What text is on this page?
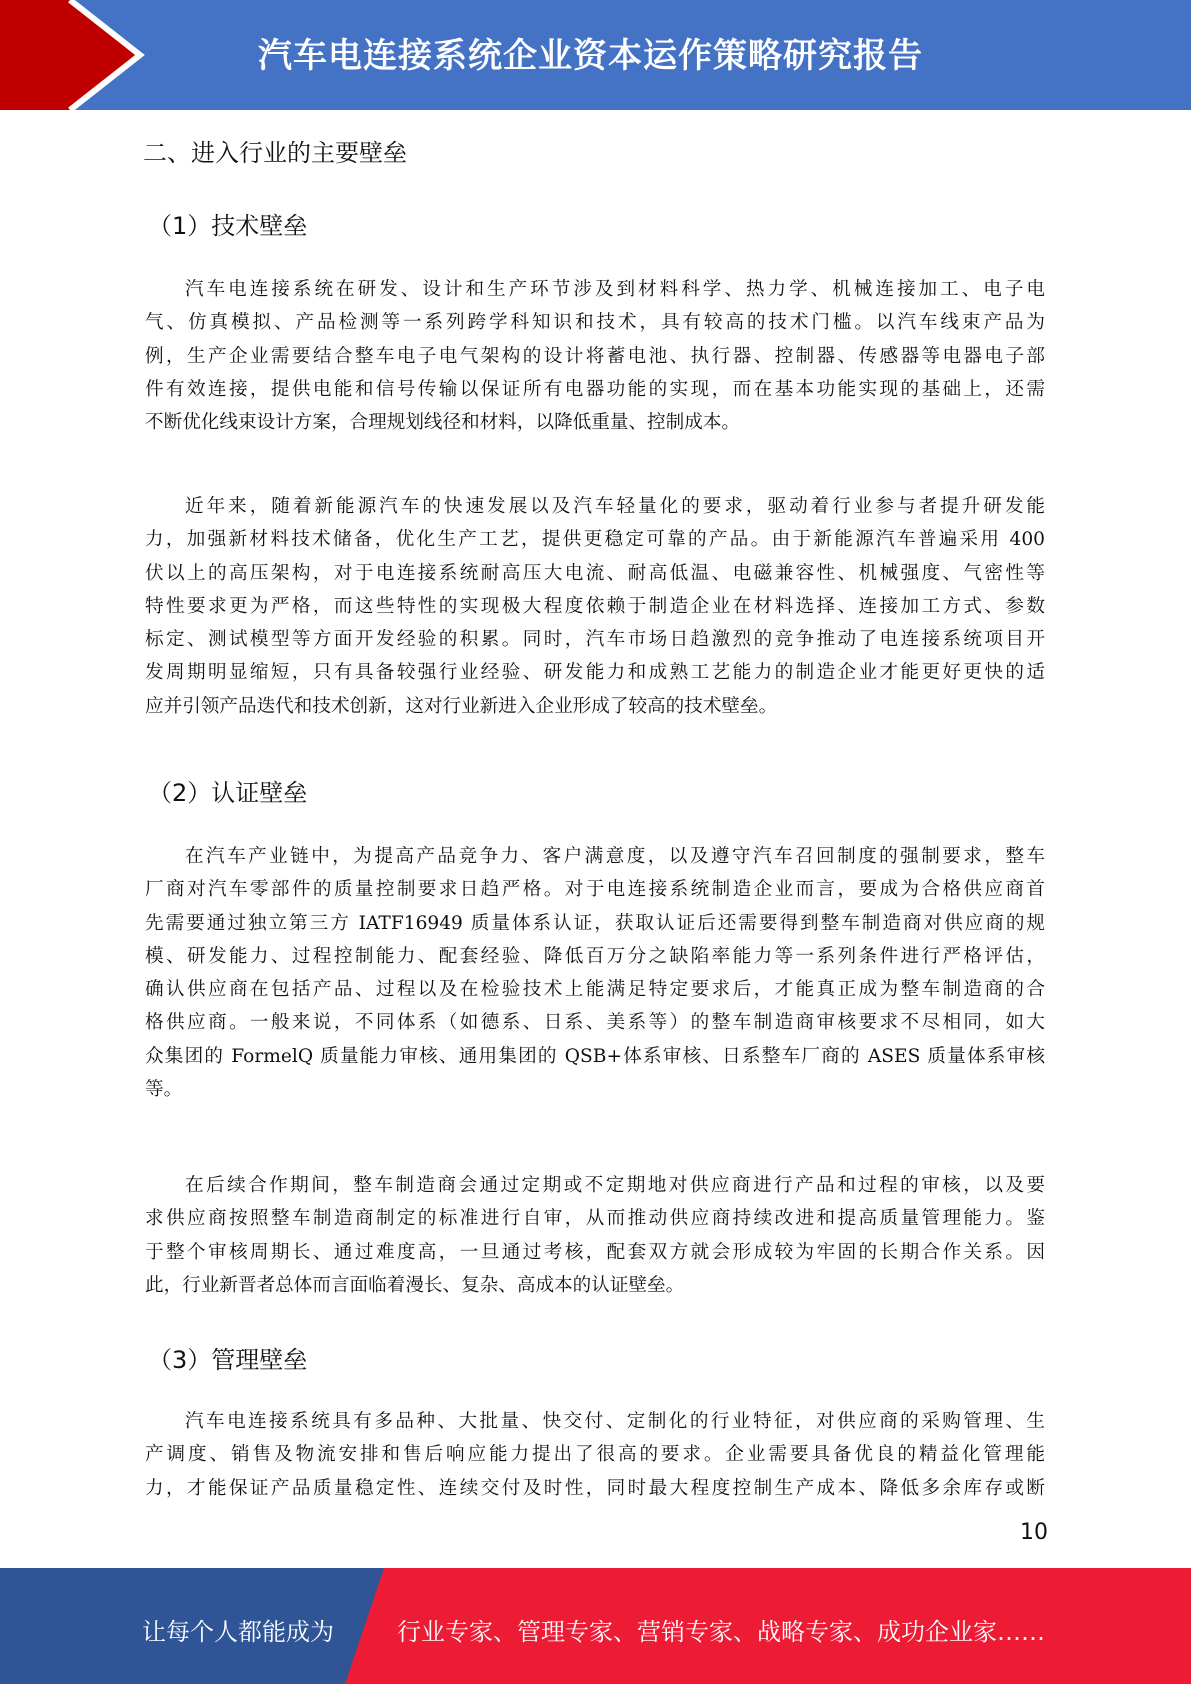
汽车电连接系统企业资本运作策略研究报告
二、进入行业的主要壁垒
（1）技术壁垒
汽车电连接系统在研发、设计和生产环节涉及到材料科学、热力学、机械连接加工、电子电
气、仿真模拟、产品检测等一系列跨学科知识和技术，具有较高的技术门槛。以汽车线束产品为
例，生产企业需要结合整车电子电气架构的设计将蓄电池、执行器、控制器、传感器等电器电子部
件有效连接，提供电能和信号传输以保证所有电器功能的实现，而在基本功能实现的基础上，还需
不断优化线束设计方案，合理规划线径和材料，以降低重量、控制成本。
近年来，随着新能源汽车的快速发展以及汽车轻量化的要求，驱动着行业参与者提升研发能
力，加强新材料技术储备，优化生产工艺，提供更稳定可靠的产品。由于新能源汽车普遍采用 400
伏以上的高压架构，对于电连接系统耐高压大电流、耐高低温、电磁兼容性、机械强度、气密性等
特性要求更为严格，而这些特性的实现极大程度依赖于制造企业在材料选择、连接加工方式、参数
标定、测试模型等方面开发经验的积累。同时，汽车市场日趋激烈的竞争推动了电连接系统项目开
发周期明显缩短，只有具备较强行业经验、研发能力和成熟工艺能力的制造企业才能更好更快的适
应并引领产品迭代和技术创新，这对行业新进入企业形成了较高的技术壁垒。
（2）认证壁垒
在汽车产业链中，为提高产品竞争力、客户满意度，以及遵守汽车召回制度的强制要求，整车
厂商对汽车零部件的质量控制要求日趋严格。对于电连接系统制造企业而言，要成为合格供应商首
先需要通过独立第三方 IATF16949 质量体系认证，获取认证后还需要得到整车制造商对供应商的规
模、研发能力、过程控制能力、配套经验、降低百万分之缺陷率能力等一系列条件进行严格评估，
确认供应商在包括产品、过程以及在检验技术上能满足特定要求后，才能真正成为整车制造商的合
格供应商。一般来说，不同体系（如德系、日系、美系等）的整车制造商审核要求不尽相同，如大
众集团的 FormelQ 质量能力审核、通用集团的 QSB+体系审核、日系整车厂商的 ASES 质量体系审核
等。
在后续合作期间，整车制造商会通过定期或不定期地对供应商进行产品和过程的审核，以及要
求供应商按照整车制造商制定的标准进行自审，从而推动供应商持续改进和提高质量管理能力。鉴
于整个审核周期长、通过难度高，一旦通过考核，配套双方就会形成较为牢固的长期合作关系。因
此，行业新晋者总体而言面临着漫长、复杂、高成本的认证壁垒。
（3）管理壁垒
汽车电连接系统具有多品种、大批量、快交付、定制化的行业特征，对供应商的采购管理、生
产调度、销售及物流安排和售后响应能力提出了很高的要求。企业需要具备优良的精益化管理能
力，才能保证产品质量稳定性、连续交付及时性，同时最大程度控制生产成本、降低多余库存或断
10
让每个人都能成为	行业专家、管理专家、营销专家、战略专家、成功企业家……
